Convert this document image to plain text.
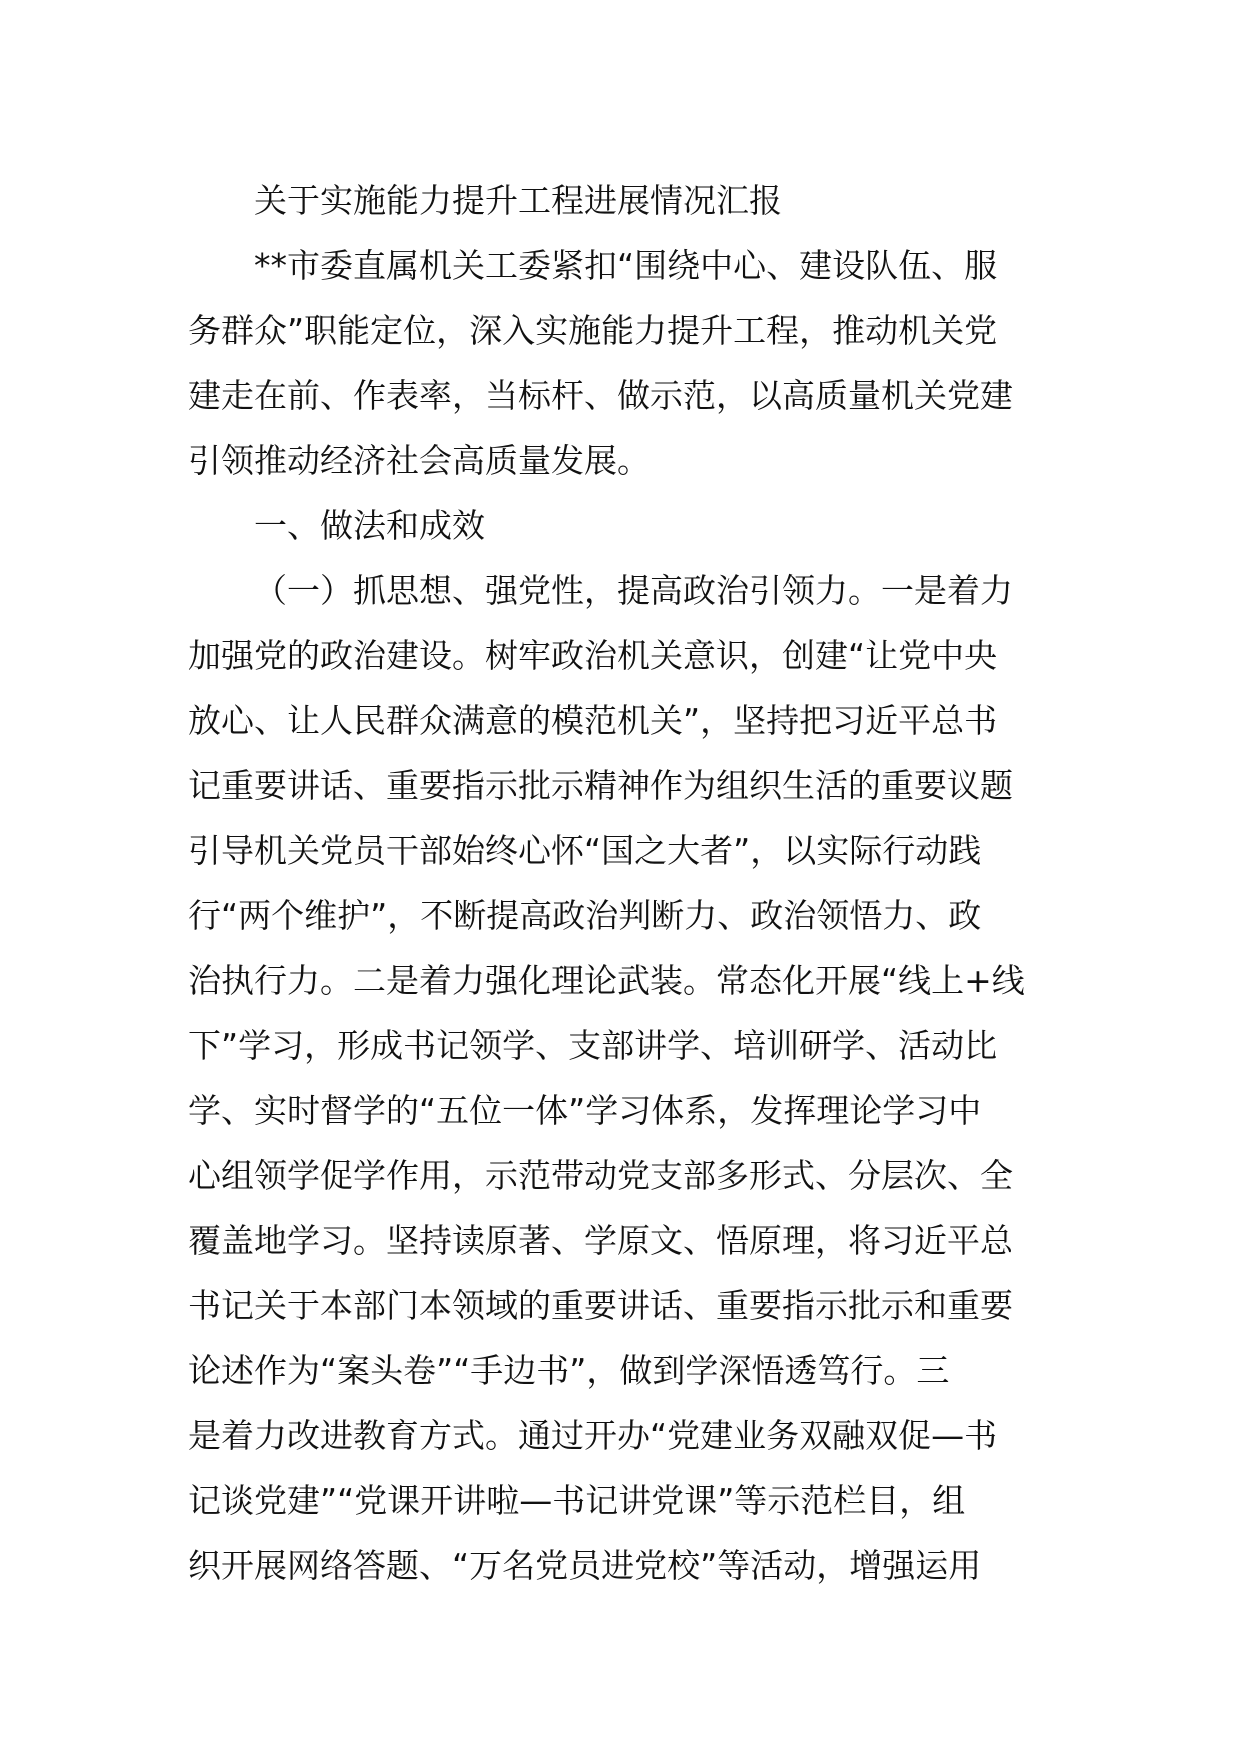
关于实施能力提升工程进展情况汇报
**市委直属机关工委紧扣“围绕中心、建设队伍、服
务群众”职能定位，深入实施能力提升工程，推动机关党
建走在前、作表率，当标杆、做示范，以高质量机关党建
引领推动经济社会高质量发展。
一、做法和成效
（一）抓思想、强党性，提高政治引领力。一是着力
加强党的政治建设。树牢政治机关意识，创建“让党中央
放心、让人民群众满意的模范机关”，坚持把习近平总书
记重要讲话、重要指示批示精神作为组织生活的重要议题
引导机关党员干部始终心怀“国之大者”，以实际行动践
行“两个维护”，不断提高政治判断力、政治领悟力、政
治执行力。二是着力强化理论武装。常态化开展“线上+线
下”学习，形成书记领学、支部讲学、培训研学、活动比
学、实时督学的“五位一体”学习体系，发挥理论学习中
心组领学促学作用，示范带动党支部多形式、分层次、全
覆盖地学习。坚持读原著、学原文、悟原理，将习近平总
书记关于本部门本领域的重要讲话、重要指示批示和重要
论述作为“案头卷”“手边书”，做到学深悟透笃行。三
是着力改进教育方式。通过开办“党建业务双融双促—书
记谈党建”“党课开讲啦—书记讲党课”等示范栏目，组
织开展网络答题、“万名党员进党校”等活动，增强运用
